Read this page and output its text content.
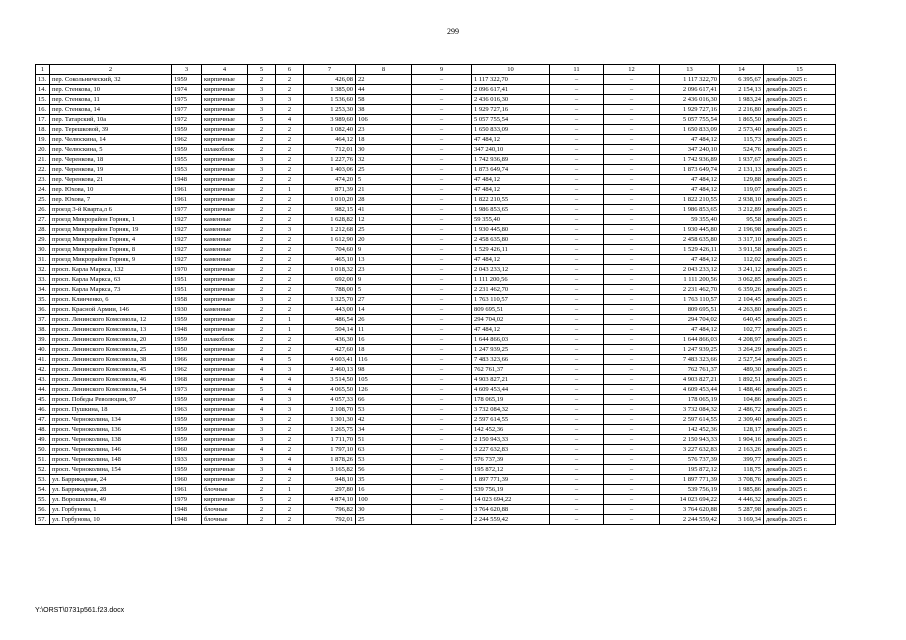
299
1	2	3	4	5	6	7	8	9	10	11	12	13	14	15
13.	пер. Сокольнический, 32	1959	кирпичные	2	2	426,08	22	–	1 117 322,70	–	–	1 117 322,70	6 395,67	декабрь 2025 г.
14.	пер. Стенкова, 10	1974	кирпичные	3	2	1 385,00	44	–	2 096 617,41	–	–	2 096 617,41	2 154,13	декабрь 2025 г.
15.	пер. Стенкова, 11	1975	кирпичные	3	3	1 536,60	58	–	2 436 016,30	–	–	2 436 016,30	1 983,24	декабрь 2025 г.
16.	пер. Стенкова, 14	1977	кирпичные	3	2	1 253,30	38	–	1 929 727,16	–	–	1 929 727,16	2 216,80	декабрь 2025 г.
17.	пер. Татарский, 10а	1972	кирпичные	5	4	3 989,60	106	–	5 057 755,54	–	–	5 057 755,54	1 865,50	декабрь 2025 г.
18.	пер. Терешковой, 39	1959	кирпичные	2	2	1 082,40	23	–	1 650 833,09	–	–	1 650 833,09	2 573,40	декабрь 2025 г.
19.	пер. Челюскина, 14	1962	кирпичные	2	2	464,12	18	–	47 484,12	–	–	47 484,12	115,73	декабрь 2025 г.
20.	пер. Челюскина, 5	1959	шлакоблок	2	2	712,01	30	–	347 240,10	–	–	347 240,10	524,76	декабрь 2025 г.
21.	пер. Черенкова, 18	1955	кирпичные	3	2	1 227,76	32	–	1 742 936,89	–	–	1 742 936,89	1 937,67	декабрь 2025 г.
22.	пер. Черенкова, 19	1953	кирпичные	3	2	1 403,06	25	–	1 873 649,74	–	–	1 873 649,74	2 131,13	декабрь 2025 г.
23.	пер. Черенкова, 21	1948	кирпичные	2	2	474,20	5	–	47 484,12	–	–	47 484,12	129,88	декабрь 2025 г.
24.	пер. Юхова, 10	1961	кирпичные	2	1	871,39	21	–	47 484,12	–	–	47 484,12	119,07	декабрь 2025 г.
25.	пер. Юхова, 7	1961	кирпичные	2	2	1 010,20	28	–	1 822 210,55	–	–	1 822 210,55	2 938,10	декабрь 2025 г.
26.	проезд 3-й Кварта,л 6	1977	кирпичные	2	2	982,15	41	–	1 986 853,65	–	–	1 986 853,65	3 212,89	декабрь 2025 г.
27.	проезд Микрорайон Горняк, 1	1927	каменные	2	2	1 628,82	12	–	59 355,40	–	–	59 355,40	95,58	декабрь 2025 г.
28.	проезд Микрорайон Горняк, 19	1927	каменные	2	3	1 212,68	25	–	1 930 445,80	–	–	1 930 445,80	2 196,98	декабрь 2025 г.
29.	проезд Микрорайон Горняк, 4	1927	каменные	2	2	1 612,90	20	–	2 458 635,80	–	–	2 458 635,80	3 317,10	декабрь 2025 г.
30.	проезд Микрорайон Горняк, 8	1927	каменные	2	2	704,60	9	–	1 529 426,11	–	–	1 529 426,11	3 911,58	декабрь 2025 г.
31.	проезд Микрорайон Горняк, 9	1927	каменные	2	2	465,10	13	–	47 484,12	–	–	47 484,12	112,02	декабрь 2025 г.
32.	просп. Карла Маркса, 132	1970	кирпичные	2	2	1 018,32	23	–	2 043 233,12	–	–	2 043 233,12	3 241,12	декабрь 2025 г.
33.	просп. Карла Маркса, 63	1951	кирпичные	2	2	692,00	9	–	1 111 200,56	–	–	1 111 200,56	3 062,85	декабрь 2025 г.
34.	просп. Карла Маркса, 73	1951	кирпичные	2	2	788,00	5	–	2 231 462,70	–	–	2 231 462,70	6 359,26	декабрь 2025 г.
35.	просп. Клинченко, 6	1958	кирпичные	3	2	1 325,70	27	–	1 763 110,57	–	–	1 763 110,57	2 104,45	декабрь 2025 г.
36.	просп. Красной Армии, 146	1930	каменные	2	2	443,00	14	–	809 695,51	–	–	809 695,51	4 263,80	декабрь 2025 г.
37.	просп. Ленинского Комсомола, 12	1959	кирпичные	2	1	486,54	26	–	294 704,02	–	–	294 704,02	640,45	декабрь 2025 г.
38.	просп. Ленинского Комсомола, 13	1948	кирпичные	2	1	504,14	11	–	47 484,12	–	–	47 484,12	102,77	декабрь 2025 г.
39.	просп. Ленинского Комсомола, 20	1959	шлакоблок	2	2	436,30	16	–	1 644 866,03	–	–	1 644 866,03	4 208,97	декабрь 2025 г.
40.	просп. Ленинского Комсомола, 25	1950	кирпичные	2	2	427,60	18	–	1 247 939,25	–	–	1 247 939,25	3 264,29	декабрь 2025 г.
41.	просп. Ленинского Комсомола, 38	1966	кирпичные	4	5	4 603,41	116	–	7 483 323,66	–	–	7 483 323,66	2 527,54	декабрь 2025 г.
42.	просп. Ленинского Комсомола, 45	1962	кирпичные	4	3	2 460,13	98	–	762 761,37	–	–	762 761,37	489,30	декабрь 2025 г.
43.	просп. Ленинского Комсомола, 46	1968	кирпичные	4	4	3 514,50	105	–	4 903 827,21	–	–	4 903 827,21	1 892,51	декабрь 2025 г.
44.	просп. Ленинского Комсомола, 54	1973	кирпичные	5	4	4 065,50	126	–	4 609 453,44	–	–	4 609 453,44	1 488,46	декабрь 2025 г.
45.	просп. Победы Революции, 97	1959	кирпичные	4	3	4 057,33	66	–	178 065,19	–	–	178 065,19	104,86	декабрь 2025 г.
46.	просп. Пушкина, 18	1963	кирпичные	4	3	2 108,70	53	–	3 732 084,32	–	–	3 732 084,32	2 486,72	декабрь 2025 г.
47.	просп. Черноколина, 134	1959	кирпичные	3	2	1 301,30	42	–	2 597 614,55	–	–	2 597 614,55	2 309,40	декабрь 2025 г.
48.	просп. Черноколина, 136	1959	кирпичные	3	2	1 265,75	34	–	142 452,36	–	–	142 452,36	128,17	декабрь 2025 г.
49.	просп. Черноколина, 138	1959	кирпичные	3	2	1 711,70	51	–	2 150 943,33	–	–	2 150 943,33	1 904,16	декабрь 2025 г.
50.	просп. Черноколина, 146	1960	кирпичные	4	2	1 797,10	63	–	3 227 632,83	–	–	3 227 632,83	2 163,26	декабрь 2025 г.
51.	просп. Черноколина, 148	1933	кирпичные	3	4	1 878,26	53	–	576 737,39	–	–	576 737,39	399,77	декабрь 2025 г.
52.	просп. Черноколина, 154	1959	кирпичные	3	4	3 165,82	56	–	195 872,12	–	–	195 872,12	118,75	декабрь 2025 г.
53.	ул. Баррикадная, 24	1960	кирпичные	2	2	948,10	35	–	1 897 771,39	–	–	1 897 771,39	3 708,76	декабрь 2025 г.
54.	ул. Баррикадная, 28	1961	блочные	2	1	297,80	16	–	539 756,19	–	–	539 756,19	1 985,86	декабрь 2025 г.
55.	ул. Ворошилова, 49	1979	кирпичные	5	2	4 874,10	100	–	14 023 694,22	–	–	14 023 694,22	4 446,32	декабрь 2025 г.
56.	ул. Горбунова, 1	1948	блочные	2	2	796,82	30	–	3 764 620,88	–	–	3 764 620,88	5 287,98	декабрь 2025 г.
57.	ул. Горбунова, 10	1948	блочные	2	2	792,01	25	–	2 244 559,42	–	–	2 244 559,42	3 169,34	декабрь 2025 г.
Y:\ORST\0731p561.f23.docx
